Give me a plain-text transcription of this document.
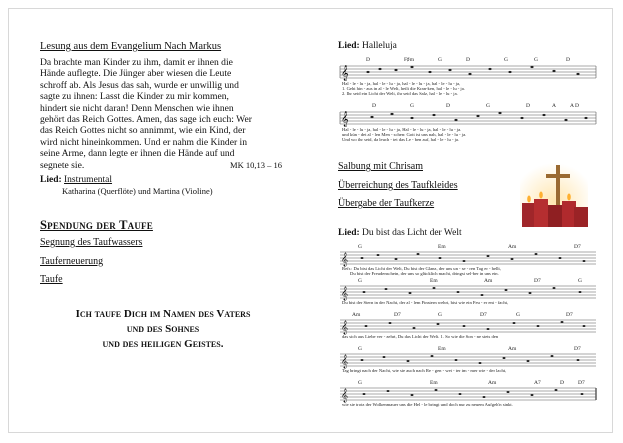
Lesung aus dem Evangelium Nach Markus
Da brachte man Kinder zu ihm, damit er ihnen die
Hände auflegte. Die Jünger aber wiesen die Leute
schroff ab. Als Jesus das sah, wurde er unwillig und
sagte zu ihnen: Lasst die Kinder zu mir kommen,
hindert sie nicht daran! Denn Menschen wie ihnen
gehört das Reich Gottes. Amen, das sage ich euch: Wer
das Reich Gottes nicht so annimmt, wie ein Kind, der
wird nicht hineinkommen. Und er nahm die Kinder in
seine Arme, dann legte er ihnen die Hände auf und
segnete sie.	MK 10,13 – 16
Lied: Instrumental
Katharina (Querflöte) und Martina (Violine)
Spendung der Taufe
Segnung des Taufwassers
Tauferneuerung
Taufe
Ich taufe Dich im Namen des Vaters
und des Sohnes
und des heiligen Geistes.
Lied: Halleluja
𝄞
D	F♯m	G	D	G	G	D
Hal - le - lu - ja, hal - le - lu - ja, hal - le - lu - ja, hal - le - lu - ja,
1. Geht hin - aus in al - le Welt, heilt die Kran-ken, hal - le - lu - ja.
2. Ihr seid ein Licht der Welt, ihr seid das Salz, hal - le - lu - ja.
𝄞
D	G	D	G	D	A	A D
Hal - le - lu - ja, hal - le - lu - ja, Hal - le - lu - ja, hal - le - lu - ja.
und kün - det al - len Men - schen: Gott ist uns nah, hal - le - lu - ja.
Und wo ihr seid, da leuch - tet das Le - ben auf, hal - le - lu - ja.
Salbung mit Chrisam
Überreichung des Taufkleides
Übergabe der Taufkerze
Lied: Du bist das Licht der Welt
𝄞
G	Em	Am	D7
Refr.: Du bist das Licht der Welt, Du bist der Glanz, der uns un - se - ren Tag er - hellt,
Du bist der Freudenschein, der uns so glücklich macht, dringst sel-ber in uns ein.
𝄞
G	Em	Am	D7	G
Du bist der Stern in der Nacht, der al - lem Finstern wehrt, bist wie ein Feu - er ent - facht,
𝄞
Am	D7	G	D7	G	D7
das sich aus Liebe ver - zehrt, Du das Licht der Welt. 1. So wie die Son - ne stets den
𝄞
G	Em	Am	D7
Tag bringt nach der Nacht, wie sie auch nach Re - gen - wet - ter im - mer wie - der lacht,
𝄞
G	Em	Am	A7	D	D7
wie sie trotz der Wolkenmauer uns die Hel - le bringt und doch nur zu neuem Aufgeh'n sinkt.
